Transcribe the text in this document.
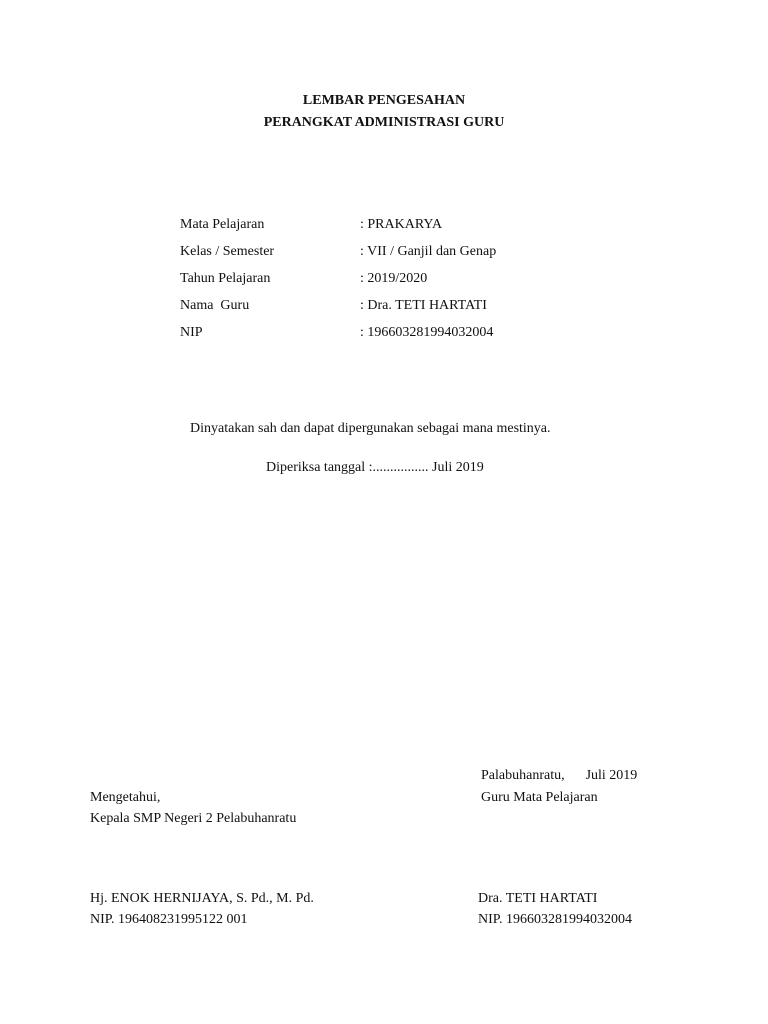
LEMBAR PENGESAHAN
PERANGKAT ADMINISTRASI GURU
Mata Pelajaran	: PRAKARYA
Kelas / Semester	: VII / Ganjil dan Genap
Tahun Pelajaran	: 2019/2020
Nama  Guru	: Dra. TETI HARTATI
NIP	: 196603281994032004
Dinyatakan sah dan dapat dipergunakan sebagai mana mestinya.
Diperiksa tanggal :................ Juli 2019
Palabuhanratu,      Juli 2019
Mengetahui,
Kepala SMP Negeri 2 Pelabuhanratu
Guru Mata Pelajaran
Hj. ENOK HERNIJAYA, S. Pd., M. Pd.
NIP. 196408231995122 001
Dra. TETI HARTATI
NIP. 196603281994032004
